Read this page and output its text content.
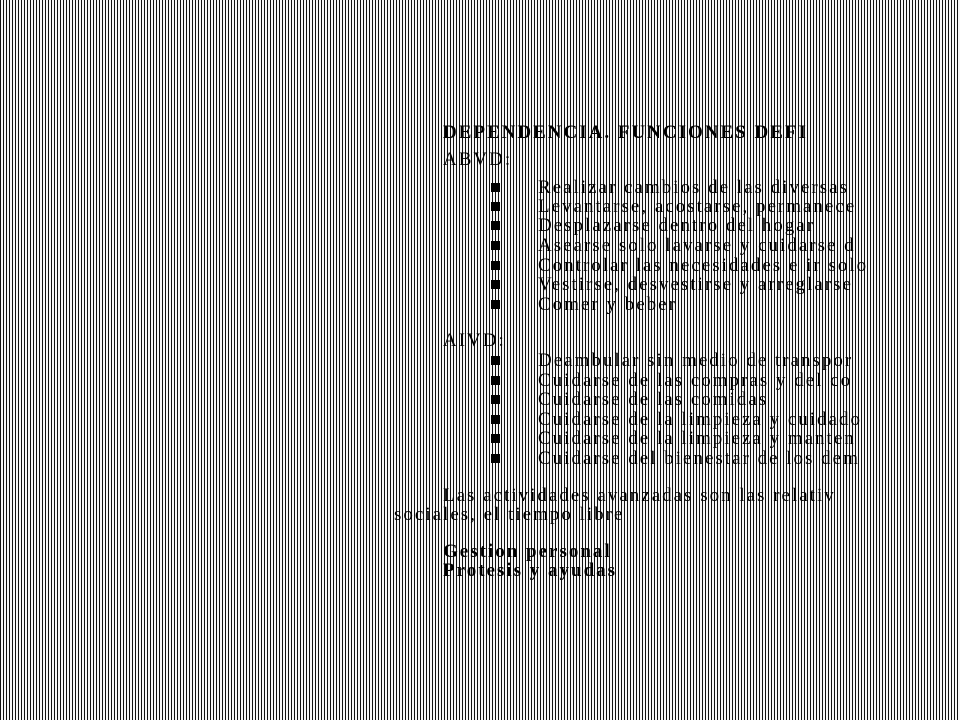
DEPENDENCIA. FUNCIONES DEFI
ABVD:
Realizar cambios de las diversas
Levantarse, acostarse, permanece
Desplazarse dentro del hogar
Asearse solo lavarse y cuidarse d
Controlar las necesidades e ir solo
Vestirse, desvestirse y arreglarse
Comer y beber
AIVD:
Deambular sin medio de transpor
Cuidarse de las compras y del co
Cuidarse de las comidas
Cuidarse de la limpieza y cuidado
Cuidarse de la limpieza y manten
Cuidarse del bienestar de los dem
Las actividades avanzadas son las relativ
sociales, el tiempo libre
Gestion personal
Protesis y ayudas
